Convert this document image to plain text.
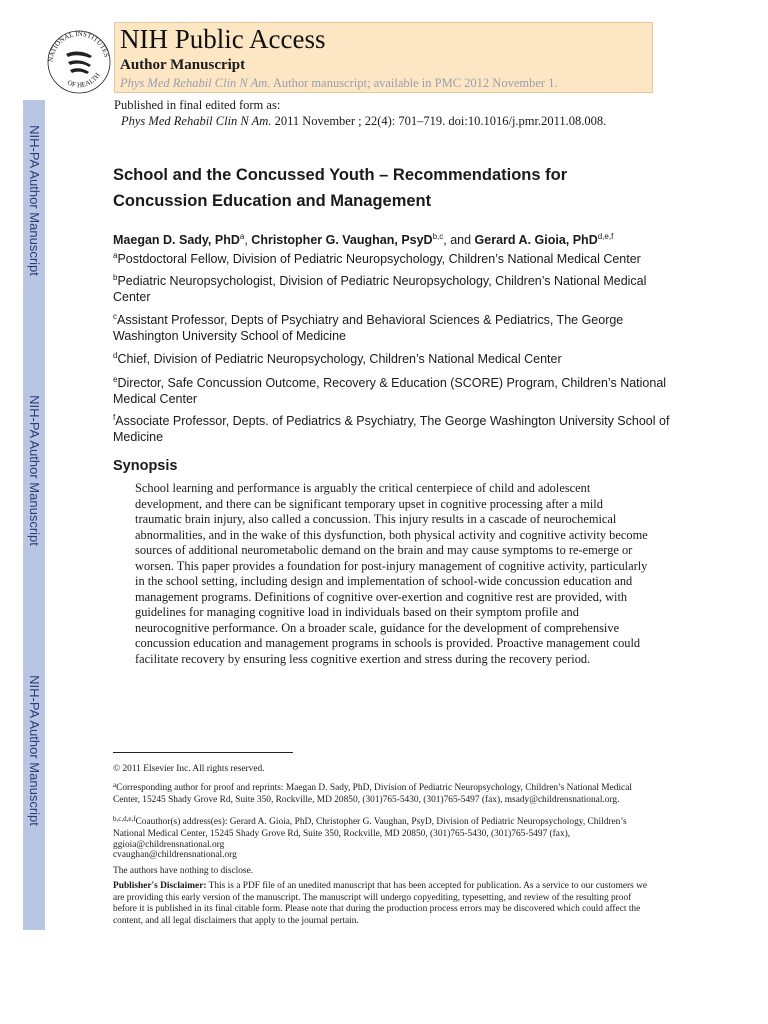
NIH-PA Author Manuscript
NIH-PA Author Manuscript
NIH-PA Author Manuscript
NATIONAL INSTITUTES
OF HEALTH
NIH Public Access
Author Manuscript
Phys Med Rehabil Clin N Am. Author manuscript; available in PMC 2012 November 1.
Published in final edited form as:
Phys Med Rehabil Clin N Am. 2011 November ; 22(4): 701–719. doi:10.1016/j.pmr.2011.08.008.
School and the Concussed Youth – Recommendations for Concussion Education and Management
Maegan D. Sady, PhD$^a$, Christopher G. Vaughan, PsyD$^{b,c}$, and Gerard A. Gioia, PhD$^{d,e,f}$
$^a$Postdoctoral Fellow, Division of Pediatric Neuropsychology, Children’s National Medical Center
$^b$Pediatric Neuropsychologist, Division of Pediatric Neuropsychology, Children’s National Medical Center
$^c$Assistant Professor, Depts of Psychiatry and Behavioral Sciences & Pediatrics, The George Washington University School of Medicine
$^d$Chief, Division of Pediatric Neuropsychology, Children’s National Medical Center
$^e$Director, Safe Concussion Outcome, Recovery & Education (SCORE) Program, Children’s National Medical Center
$^f$Associate Professor, Depts. of Pediatrics & Psychiatry, The George Washington University School of Medicine
Synopsis

School learning and performance is arguably the critical centerpiece of child and adolescent development, and there can be significant temporary upset in cognitive processing after a mild traumatic brain injury, also called a concussion. This injury results in a cascade of neurochemical abnormalities, and in the wake of this dysfunction, both physical activity and cognitive activity become sources of additional neurometabolic demand on the brain and may cause symptoms to re-emerge or worsen. This paper provides a foundation for post-injury management of cognitive activity, particularly in the school setting, including design and implementation of school-wide concussion education and management programs. Definitions of cognitive over-exertion and cognitive rest are provided, with guidelines for managing cognitive load in individuals based on their symptom profile and neurocognitive performance. On a broader scale, guidance for the development of comprehensive concussion education and management programs in schools is provided. Proactive management could facilitate recovery by ensuring less cognitive exertion and stress during the recovery period.

© 2011 Elsevier Inc. All rights reserved.
$^a$Corresponding author for proof and reprints: Maegan D. Sady, PhD, Division of Pediatric Neuropsychology, Children’s National Medical Center, 15245 Shady Grove Rd, Suite 350, Rockville, MD 20850, (301)765-5430, (301)765-5497 (fax), msady@childrensnational.org.
$^{b,c,d,e,f}$Coauthor(s) address(es): Gerard A. Gioia, PhD, Christopher G. Vaughan, PsyD, Division of Pediatric Neuropsychology, Children’s National Medical Center, 15245 Shady Grove Rd, Suite 350, Rockville, MD 20850, (301)765-5430, (301)765-5497 (fax), ggioia@childrensnational.org
cvaughan@childrensnational.org
The authors have nothing to disclose.
Publisher's Disclaimer: This is a PDF file of an unedited manuscript that has been accepted for publication. As a service to our customers we are providing this early version of the manuscript. The manuscript will undergo copyediting, typesetting, and review of the resulting proof before it is published in its final citable form. Please note that during the production process errors may be discovered which could affect the content, and all legal disclaimers that apply to the journal pertain.
